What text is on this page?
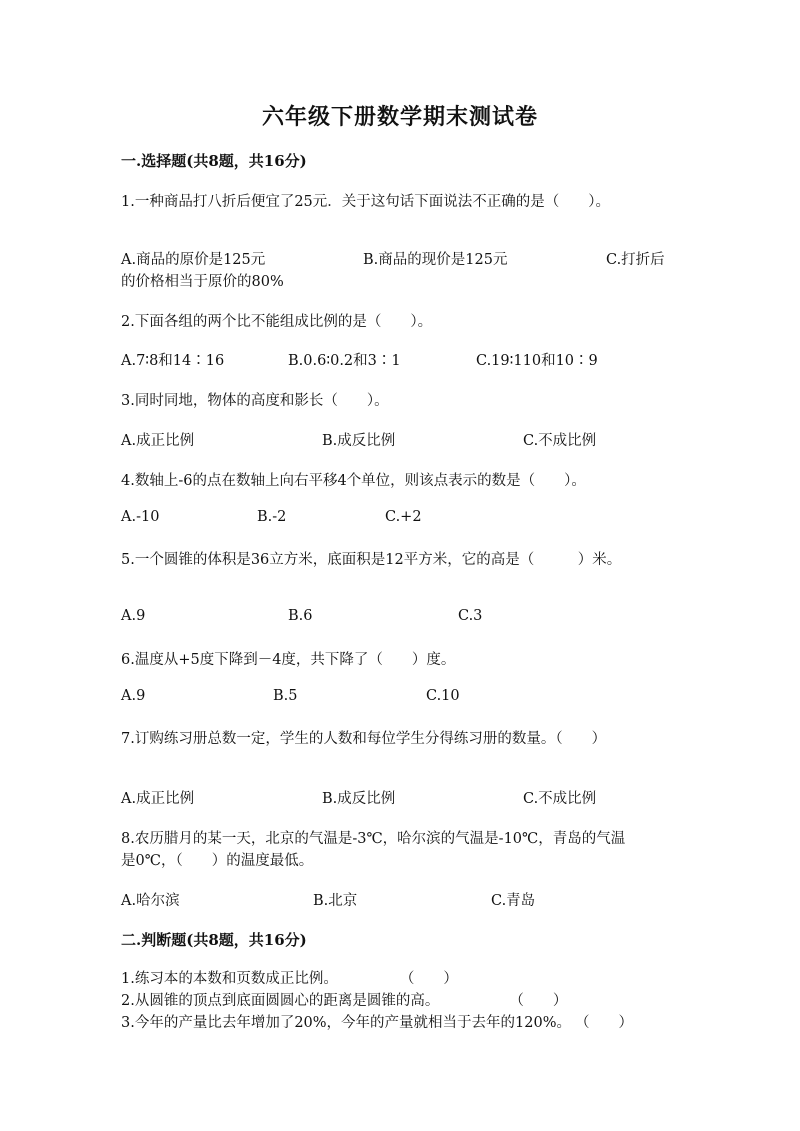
六年级下册数学期末测试卷
一.选择题(共8题，共16分)
1.一种商品打八折后便宜了25元．关于这句话下面说法不正确的是（　　）。
A.商品的原价是125元	B.商品的现价是125元	C.打折后
的价格相当于原价的80%
2.下面各组的两个比不能组成比例的是（　　）。
A.7∶8和14∶16	B.0.6∶0.2和3∶1	C.19∶110和10∶9
3.同时同地，物体的高度和影长（　　）。
A.成正比例	B.成反比例	C.不成比例
4.数轴上-6的点在数轴上向右平移4个单位，则该点表示的数是（　　）。
A.-10	B.-2	C.+2
5.一个圆锥的体积是36立方米，底面积是12平方米，它的高是（　　　）米。
A.9	B.6	C.3
6.温度从+5度下降到－4度，共下降了（　　）度。
A.9	B.5	C.10
7.订购练习册总数一定，学生的人数和每位学生分得练习册的数量。（　　）
A.成正比例	B.成反比例	C.不成比例
8.农历腊月的某一天，北京的气温是-3℃，哈尔滨的气温是-10℃，青岛的气温
是0℃，（　　）的温度最低。
A.哈尔滨	B.北京	C.青岛
二.判断题(共8题，共16分)
1.练习本的本数和页数成正比例。	（　　）
2.从圆锥的顶点到底面圆圆心的距离是圆锥的高。	（　　）
3.今年的产量比去年增加了20%，今年的产量就相当于去年的120%。 （　　）
